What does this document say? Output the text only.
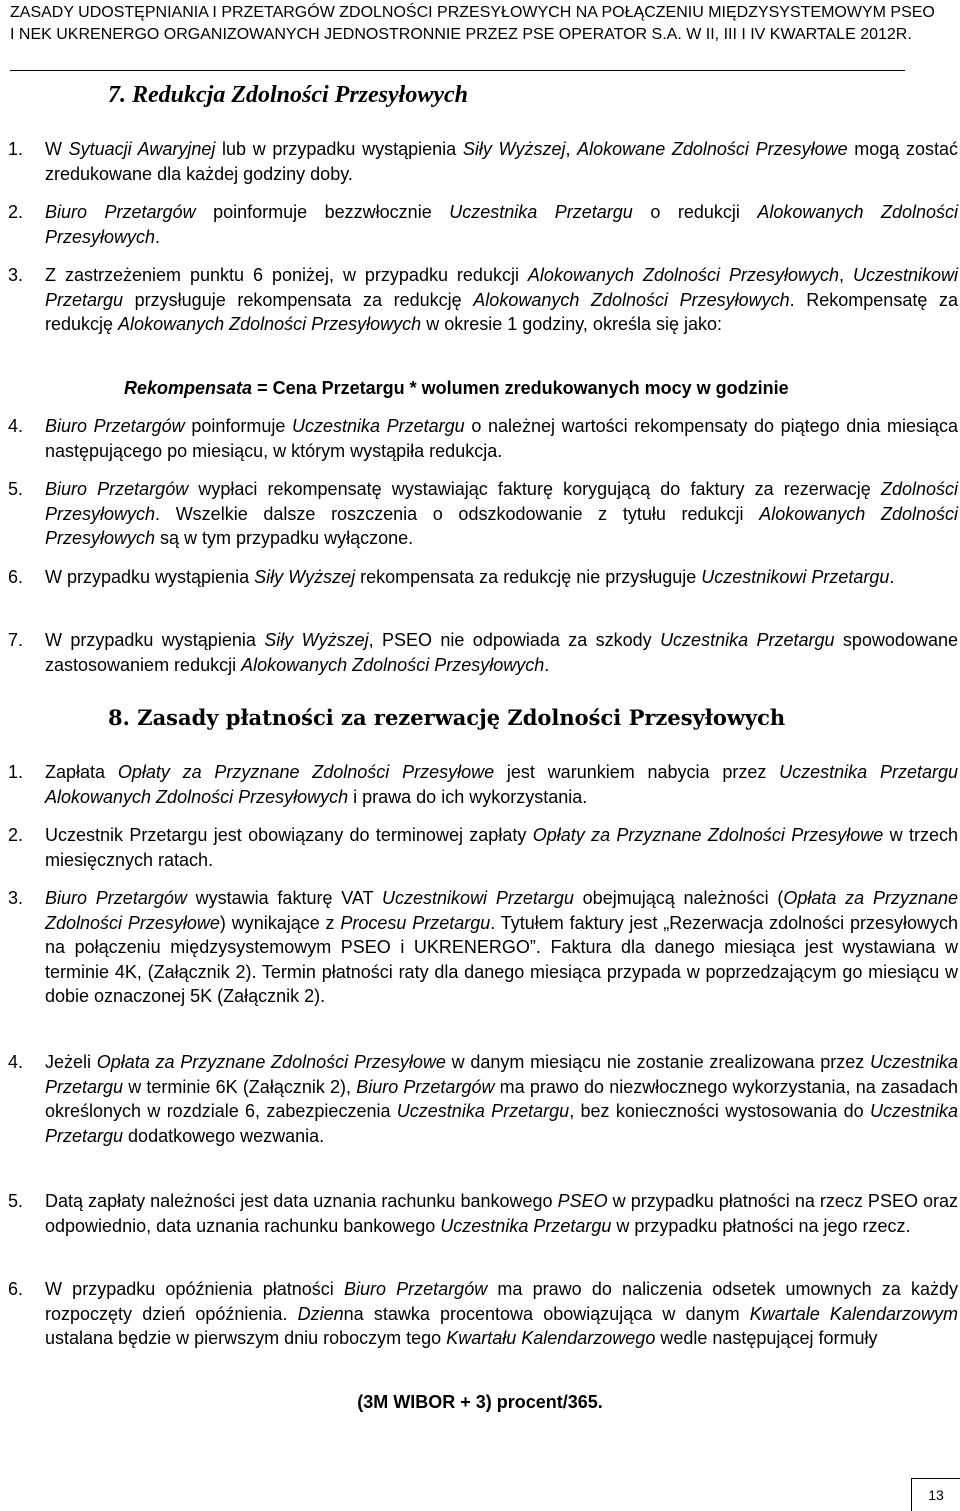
ZASADY UDOSTĘPNIANIA I PRZETARGÓW ZDOLNOŚCI PRZESYŁOWYCH NA POŁĄCZENIU MIĘDZYSYSTEMOWYM PSEO
I NEK UKRENERGO ORGANIZOWANYCH JEDNOSTRONNIE PRZEZ PSE OPERATOR S.A. W II, III I IV KWARTALE 2012R.
7. Redukcja Zdolności Przesyłowych
1. W Sytuacji Awaryjnej lub w przypadku wystąpienia Siły Wyższej, Alokowane Zdolności Przesyłowe mogą zostać zredukowane dla każdej godziny doby.
2. Biuro Przetargów poinformuje bezzwłocznie Uczestnika Przetargu o redukcji Alokowanych Zdolności Przesyłowych.
3. Z zastrzeżeniem punktu 6 poniżej, w przypadku redukcji Alokowanych Zdolności Przesyłowych, Uczestnikowi Przetargu przysługuje rekompensata za redukcję Alokowanych Zdolności Przesyłowych. Rekompensatę za redukcję Alokowanych Zdolności Przesyłowych w okresie 1 godziny, określa się jako:
Rekompensata = Cena Przetargu * wolumen zredukowanych mocy w godzinie
4. Biuro Przetargów poinformuje Uczestnika Przetargu o należnej wartości rekompensaty do piątego dnia miesiąca następującego po miesiącu, w którym wystąpiła redukcja.
5. Biuro Przetargów wypłaci rekompensatę wystawiając fakturę korygującą do faktury za rezerwację Zdolności Przesyłowych. Wszelkie dalsze roszczenia o odszkodowanie z tytułu redukcji Alokowanych Zdolności Przesyłowych są w tym przypadku wyłączone.
6. W przypadku wystąpienia Siły Wyższej rekompensata za redukcję nie przysługuje Uczestnikowi Przetargu.
7. W przypadku wystąpienia Siły Wyższej, PSEO nie odpowiada za szkody Uczestnika Przetargu spowodowane zastosowaniem redukcji Alokowanych Zdolności Przesyłowych.
8. Zasady płatności za rezerwację Zdolności Przesyłowych
1. Zapłata Opłaty za Przyznane Zdolności Przesyłowe jest warunkiem nabycia przez Uczestnika Przetargu Alokowanych Zdolności Przesyłowych i prawa do ich wykorzystania.
2. Uczestnik Przetargu jest obowiązany do terminowej zapłaty Opłaty za Przyznane Zdolności Przesyłowe w trzech miesięcznych ratach.
3. Biuro Przetargów wystawia fakturę VAT Uczestnikowi Przetargu obejmującą należności (Opłata za Przyznane Zdolności Przesyłowe) wynikające z Procesu Przetargu. Tytułem faktury jest „Rezerwacja zdolności przesyłowych na połączeniu międzysystemowym PSEO i UKRENERGO”. Faktura dla danego miesiąca jest wystawiana w terminie 4K, (Załącznik 2). Termin płatności raty dla danego miesiąca przypada w poprzedzającym go miesiącu w dobie oznaczonej 5K (Załącznik 2).
4. Jeżeli Opłata za Przyznane Zdolności Przesyłowe w danym miesiącu nie zostanie zrealizowana przez Uczestnika Przetargu w terminie 6K (Załącznik 2), Biuro Przetargów ma prawo do niezwłocznego wykorzystania, na zasadach określonych w rozdziale 6, zabezpieczenia Uczestnika Przetargu, bez konieczności wystosowania do Uczestnika Przetargu dodatkowego wezwania.
5. Datą zapłaty należności jest data uznania rachunku bankowego PSEO w przypadku płatności na rzecz PSEO oraz odpowiednio, data uznania rachunku bankowego Uczestnika Przetargu w przypadku płatności na jego rzecz.
6. W przypadku opóźnienia płatności Biuro Przetargów ma prawo do naliczenia odsetek umownych za każdy rozpoczęty dzień opóźnienia. Dzienna stawka procentowa obowiązująca w danym Kwartale Kalendarzowym ustalana będzie w pierwszym dniu roboczym tego Kwartału Kalendarzowego wedle następującej formuły
(3M WIBOR + 3) procent/365.
13
